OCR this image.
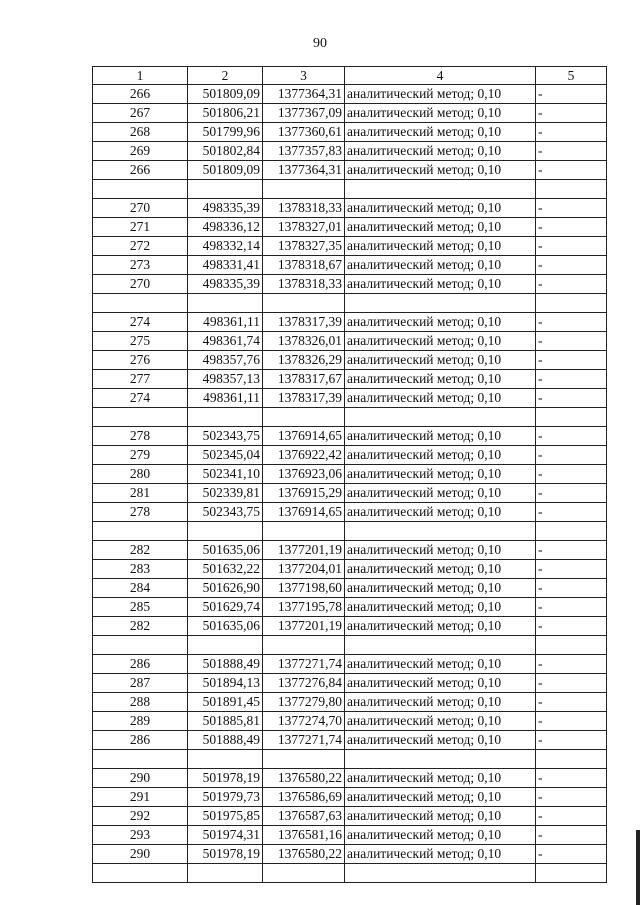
90
1	2	3	4	5
266	501809,09	1377364,31	аналитический метод; 0,10	-
267	501806,21	1377367,09	аналитический метод; 0,10	-
268	501799,96	1377360,61	аналитический метод; 0,10	-
269	501802,84	1377357,83	аналитический метод; 0,10	-
266	501809,09	1377364,31	аналитический метод; 0,10	-

270	498335,39	1378318,33	аналитический метод; 0,10	-
271	498336,12	1378327,01	аналитический метод; 0,10	-
272	498332,14	1378327,35	аналитический метод; 0,10	-
273	498331,41	1378318,67	аналитический метод; 0,10	-
270	498335,39	1378318,33	аналитический метод; 0,10	-

274	498361,11	1378317,39	аналитический метод; 0,10	-
275	498361,74	1378326,01	аналитический метод; 0,10	-
276	498357,76	1378326,29	аналитический метод; 0,10	-
277	498357,13	1378317,67	аналитический метод; 0,10	-
274	498361,11	1378317,39	аналитический метод; 0,10	-

278	502343,75	1376914,65	аналитический метод; 0,10	-
279	502345,04	1376922,42	аналитический метод; 0,10	-
280	502341,10	1376923,06	аналитический метод; 0,10	-
281	502339,81	1376915,29	аналитический метод; 0,10	-
278	502343,75	1376914,65	аналитический метод; 0,10	-

282	501635,06	1377201,19	аналитический метод; 0,10	-
283	501632,22	1377204,01	аналитический метод; 0,10	-
284	501626,90	1377198,60	аналитический метод; 0,10	-
285	501629,74	1377195,78	аналитический метод; 0,10	-
282	501635,06	1377201,19	аналитический метод; 0,10	-

286	501888,49	1377271,74	аналитический метод; 0,10	-
287	501894,13	1377276,84	аналитический метод; 0,10	-
288	501891,45	1377279,80	аналитический метод; 0,10	-
289	501885,81	1377274,70	аналитический метод; 0,10	-
286	501888,49	1377271,74	аналитический метод; 0,10	-

290	501978,19	1376580,22	аналитический метод; 0,10	-
291	501979,73	1376586,69	аналитический метод; 0,10	-
292	501975,85	1376587,63	аналитический метод; 0,10	-
293	501974,31	1376581,16	аналитический метод; 0,10	-
290	501978,19	1376580,22	аналитический метод; 0,10	-
